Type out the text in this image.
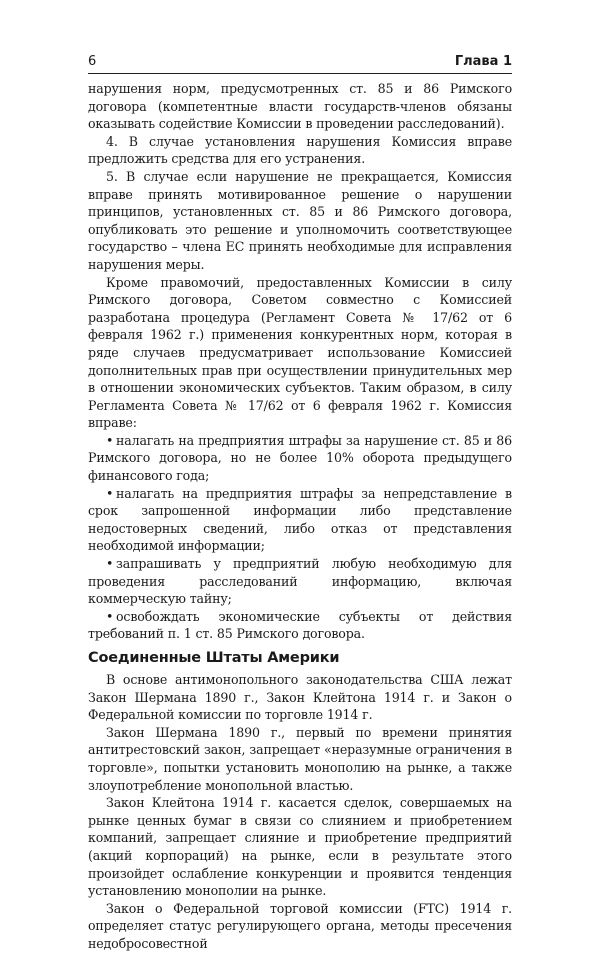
6	Глава 1

нарушения норм, предусмотренных ст. 85 и 86 Римского договора (компетентные власти государств-членов обязаны оказывать содействие Комиссии в проведении расследований).

4. В случае установления нарушения Комиссия вправе предложить средства для его устранения.

5. В случае если нарушение не прекращается, Комиссия вправе принять мотивированное решение о нарушении принципов, установленных ст. 85 и 86 Римского договора, опубликовать это решение и уполномочить соответствующее государство – члена ЕС принять необходимые для исправления нарушения меры.

Кроме правомочий, предоставленных Комиссии в силу Римского договора, Советом совместно с Комиссией разработана процедура (Регламент Совета № 17/62 от 6 февраля 1962 г.) применения конкурентных норм, которая в ряде случаев предусматривает использование Комиссией дополнительных прав при осуществлении принудительных мер в отношении экономических субъектов. Таким образом, в силу Регламента Совета № 17/62 от 6 февраля 1962 г. Комиссия вправе:

• налагать на предприятия штрафы за нарушение ст. 85 и 86 Римского договора, но не более 10% оборота предыдущего финансового года;
• налагать на предприятия штрафы за непредставление в срок запрошенной информации либо представление недостоверных сведений, либо отказ от представления необходимой информации;
• запрашивать у предприятий любую необходимую для проведения расследований информацию, включая коммерческую тайну;
• освобождать экономические субъекты от действия требований п. 1 ст. 85 Римского договора.
Соединенные Штаты Америки

В основе антимонопольного законодательства США лежат Закон Шермана 1890 г., Закон Клейтона 1914 г. и Закон о Федеральной комиссии по торговле 1914 г.

Закон Шермана 1890 г., первый по времени принятия антитрестовский закон, запрещает «неразумные ограничения в торговле», попытки установить монополию на рынке, а также злоупотребление монопольной властью.

Закон Клейтона 1914 г. касается сделок, совершаемых на рынке ценных бумаг в связи со слиянием и приобретением компаний, запрещает слияние и приобретение предприятий (акций корпораций) на рынке, если в результате этого произойдет ослабление конкуренции и проявится тенденция установлению монополии на рынке.

Закон о Федеральной торговой комиссии (FTC) 1914 г. определяет статус регулирующего органа, методы пресечения недобросовестной
